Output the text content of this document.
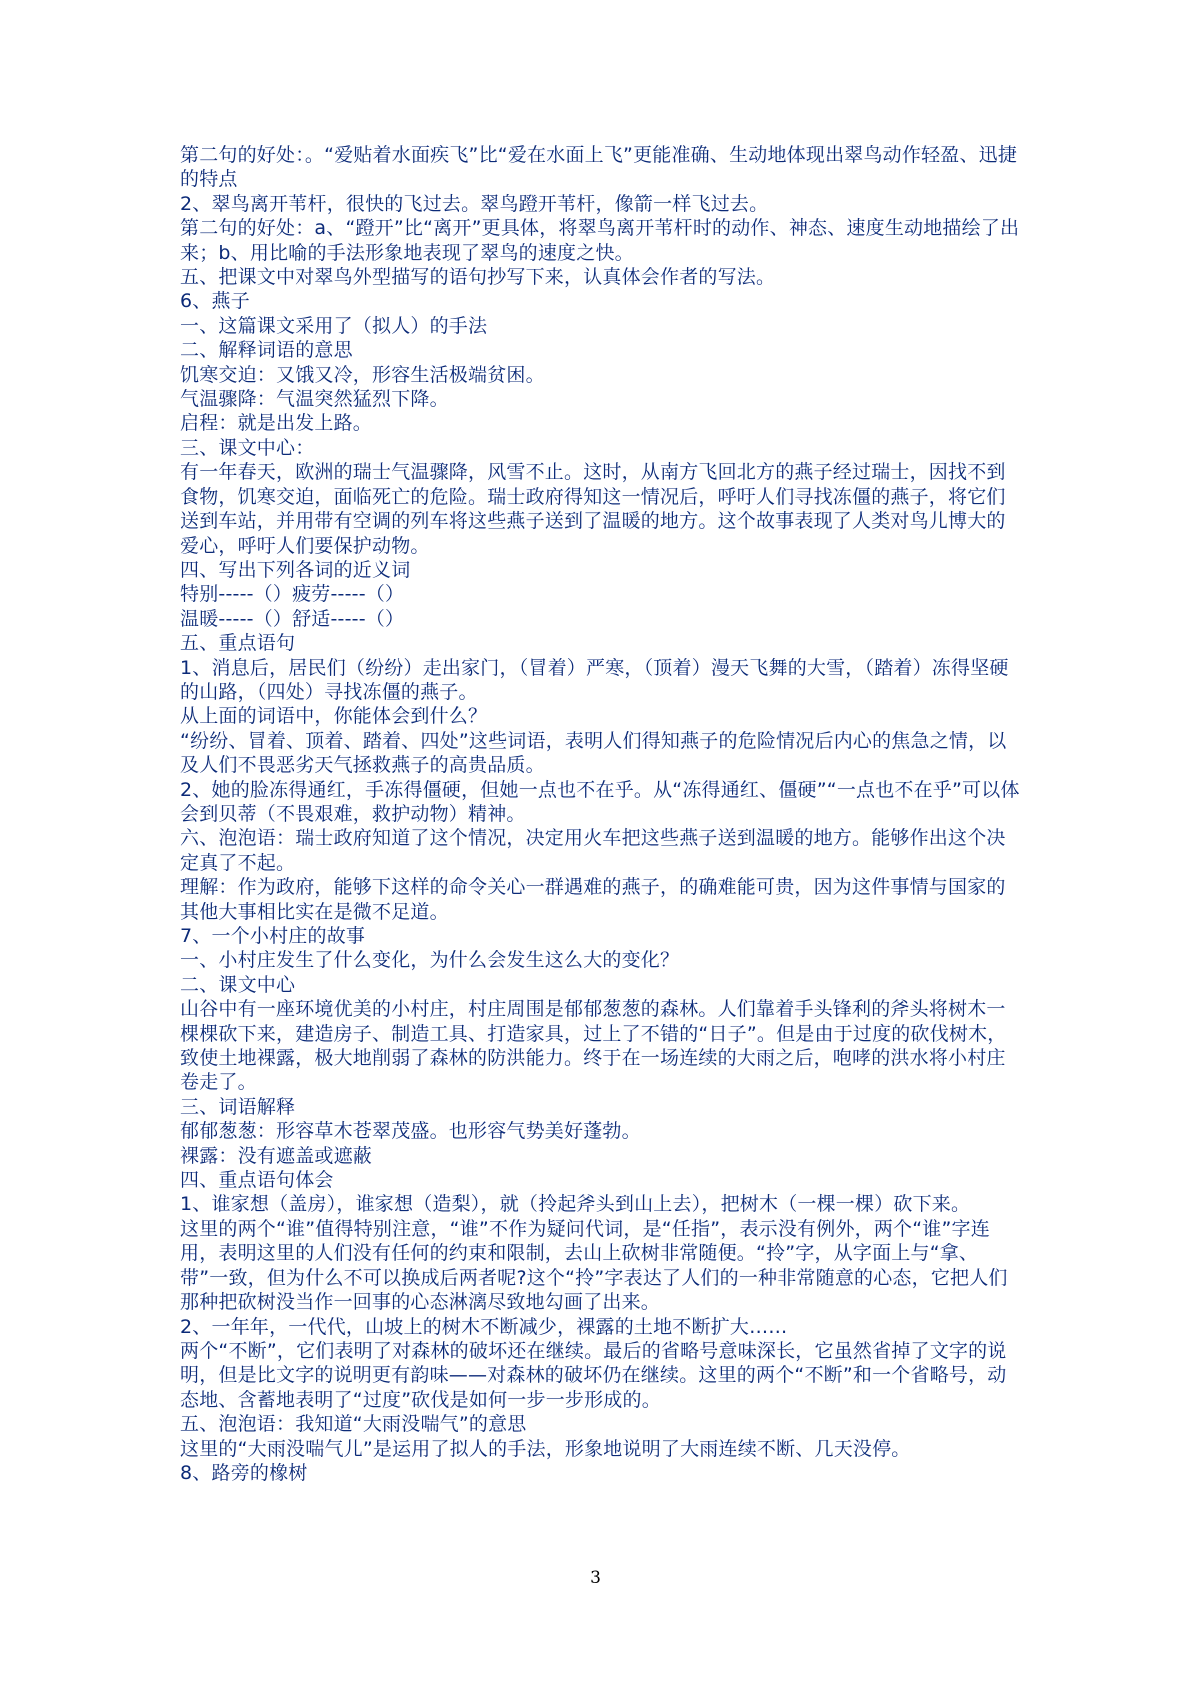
第二句的好处：。“爱贴着水面疾飞”比“爱在水面上飞”更能准确、生动地体现出翠鸟动作轻盈、迅捷的特点

2、翠鸟离开苇杆，很快的飞过去。翠鸟蹬开苇杆，像箭一样飞过去。

第二句的好处：a、“蹬开”比“离开”更具体，将翠鸟离开苇杆时的动作、神态、速度生动地描绘了出来；b、用比喻的手法形象地表现了翠鸟的速度之快。

五、把课文中对翠鸟外型描写的语句抄写下来，认真体会作者的写法。

6、燕子

一、这篇课文采用了（拟人）的手法

二、解释词语的意思

饥寒交迫：又饿又冷，形容生活极端贫困。

气温骤降：气温突然猛烈下降。

启程：就是出发上路。

三、课文中心：

有一年春天，欧洲的瑞士气温骤降，风雪不止。这时，从南方飞回北方的燕子经过瑞士，因找不到食物，饥寒交迫，面临死亡的危险。瑞士政府得知这一情况后，呼吁人们寻找冻僵的燕子，将它们送到车站，并用带有空调的列车将这些燕子送到了温暖的地方。这个故事表现了人类对鸟儿博大的爱心，呼吁人们要保护动物。

四、写出下列各词的近义词

特别-----（）疲劳-----（）

温暖-----（）舒适-----（）

五、重点语句

1、消息后，居民们（纷纷）走出家门，（冒着）严寒，（顶着）漫天飞舞的大雪，（踏着）冻得坚硬的山路，（四处）寻找冻僵的燕子。

从上面的词语中，你能体会到什么？

“纷纷、冒着、顶着、踏着、四处”这些词语，表明人们得知燕子的危险情况后内心的焦急之情，以及人们不畏恶劣天气拯救燕子的高贵品质。

2、她的脸冻得通红，手冻得僵硬，但她一点也不在乎。从“冻得通红、僵硬”“一点也不在乎”可以体会到贝蒂（不畏艰难，救护动物）精神。

六、泡泡语：瑞士政府知道了这个情况，决定用火车把这些燕子送到温暖的地方。能够作出这个决定真了不起。

理解：作为政府，能够下这样的命令关心一群遇难的燕子，的确难能可贵，因为这件事情与国家的其他大事相比实在是微不足道。

7、一个小村庄的故事

一、小村庄发生了什么变化，为什么会发生这么大的变化？

二、课文中心

山谷中有一座环境优美的小村庄，村庄周围是郁郁葱葱的森林。人们靠着手头锋利的斧头将树木一棵棵砍下来，建造房子、制造工具、打造家具，过上了不错的“日子”。但是由于过度的砍伐树木，致使土地裸露，极大地削弱了森林的防洪能力。终于在一场连续的大雨之后，咆哮的洪水将小村庄卷走了。

三、词语解释

郁郁葱葱：形容草木苍翠茂盛。也形容气势美好蓬勃。

裸露：没有遮盖或遮蔽

四、重点语句体会

1、谁家想（盖房），谁家想（造梨），就（拎起斧头到山上去），把树木（一棵一棵）砍下来。

这里的两个“谁”值得特别注意，“谁”不作为疑问代词，是“任指”，表示没有例外，两个“谁”字连用，表明这里的人们没有任何的约束和限制，去山上砍树非常随便。“拎”字，从字面上与“拿、带”一致，但为什么不可以换成后两者呢?这个“拎”字表达了人们的一种非常随意的心态，它把人们那种把砍树没当作一回事的心态淋漓尽致地勾画了出来。

2、一年年，一代代，山坡上的树木不断减少，裸露的土地不断扩大……

两个“不断”，它们表明了对森林的破坏还在继续。最后的省略号意味深长，它虽然省掉了文字的说明，但是比文字的说明更有韵味——对森林的破坏仍在继续。这里的两个“不断”和一个省略号，动态地、含蓄地表明了“过度”砍伐是如何一步一步形成的。

五、泡泡语：我知道“大雨没喘气”的意思

这里的“大雨没喘气儿”是运用了拟人的手法，形象地说明了大雨连续不断、几天没停。

8、路旁的橡树

3
